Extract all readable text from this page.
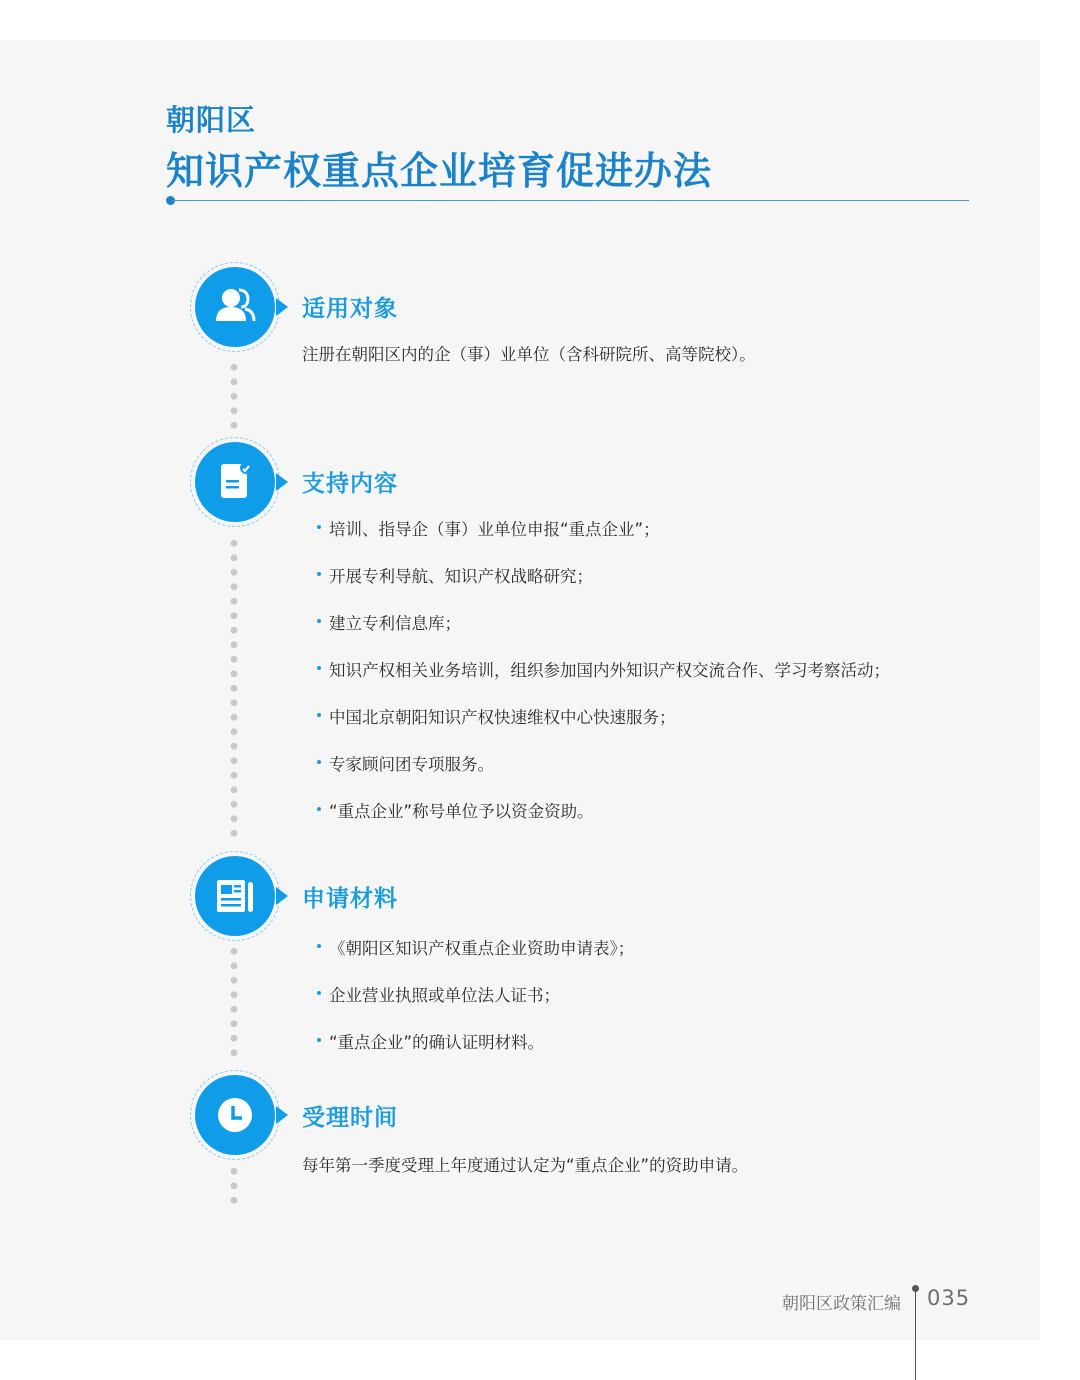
朝阳区
知识产权重点企业培育促进办法
适用对象
注册在朝阳区内的企（事）业单位（含科研院所、高等院校）。
支持内容
培训、指导企（事）业单位申报“重点企业”；
开展专利导航、知识产权战略研究；
建立专利信息库；
知识产权相关业务培训，组织参加国内外知识产权交流合作、学习考察活动；
中国北京朝阳知识产权快速维权中心快速服务；
专家顾问团专项服务。
“重点企业”称号单位予以资金资助。
申请材料
《朝阳区知识产权重点企业资助申请表》；
企业营业执照或单位法人证书；
“重点企业”的确认证明材料。
受理时间
每年第一季度受理上年度通过认定为“重点企业”的资助申请。
朝阳区政策汇编 035
